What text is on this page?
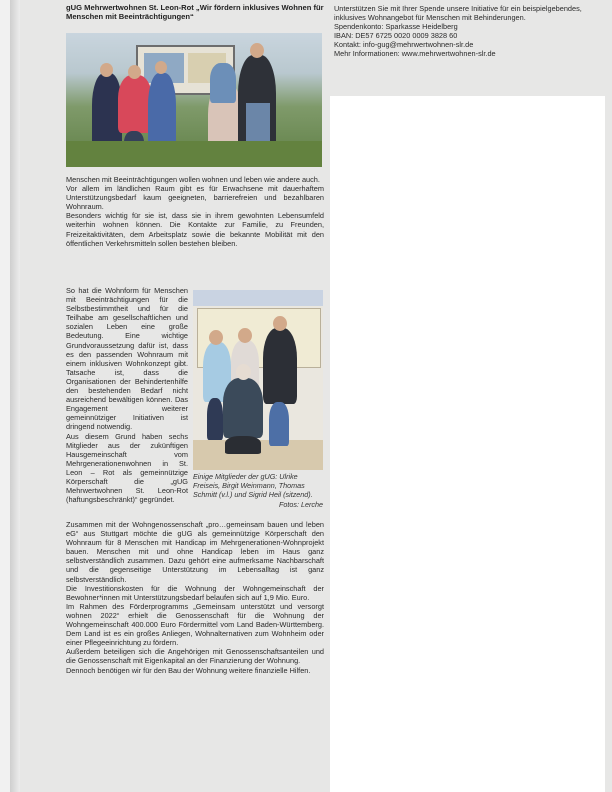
gUG Mehrwertwohnen St. Leon-Rot „Wir fördern inklusives Wohnen für Menschen mit Beeinträchtigungen“

Menschen mit Beeinträchtigungen wollen wohnen und leben wie andere auch.

Vor allem im ländlichen Raum gibt es für Erwachsene mit dauerhaftem Unterstützungsbedarf kaum geeigneten, barrierefreien und bezahlbaren Wohnraum.

Besonders wichtig für sie ist, dass sie in ihrem gewohnten Lebensumfeld weiterhin wohnen können. Die Kontakte zur Familie, zu Freunden, Freizeitaktivitäten, dem Arbeitsplatz sowie die bekannte Mobilität mit den öffentlichen Verkehrsmitteln sollen bestehen bleiben.

So hat die Wohnform für Menschen mit Beeinträchtigungen für die Selbstbestimmtheit und für die Teilhabe am gesellschaftlichen und sozialen Leben eine große Bedeutung. Eine wichtige Grundvoraussetzung dafür ist, dass es den passenden Wohnraum mit einem inklusiven Wohnkonzept gibt. Tatsache ist, dass die Organisationen der Behindertenhilfe den bestehenden Bedarf nicht ausreichend bewältigen können. Das Engagement weiterer gemeinnütziger Initiativen ist dringend notwendig.

Aus diesem Grund haben sechs Mitglieder aus der zukünftigen Hausgemeinschaft vom Mehrgenerationenwohnen in St. Leon – Rot als gemeinnützige Körperschaft die „gUG Mehrwertwohnen St. Leon-Rot (haftungsbeschränkt)“ gegründet.

Zusammen mit der Wohngenossenschaft „pro…gemeinsam bauen und leben eG“ aus Stuttgart möchte die gUG als gemeinnützige Körperschaft den Wohnraum für 8 Menschen mit Handicap im Mehrgenerationen-Wohnprojekt bauen. Menschen mit und ohne Handicap leben im Haus ganz selbstverständlich zusammen. Dazu gehört eine aufmerksame Nachbarschaft und die gegenseitige Unterstützung im Lebensalltag ist ganz selbstverständlich.

Die Investitionskosten für die Wohnung der Wohngemeinschaft der Bewohner*innen mit Unterstützungsbedarf belaufen sich auf 1,9 Mio. Euro.

Im Rahmen des Förderprogramms „Gemeinsam unterstützt und versorgt wohnen 2022“ erhielt die Genossenschaft für die Wohnung der Wohngemeinschaft 400.000 Euro Fördermittel vom Land Baden-Württemberg. Dem Land ist es ein großes Anliegen, Wohnalternativen zum Wohnheim oder einer Pflegeeinrichtung zu fördern.

Außerdem beteiligen sich die Angehörigen mit Genossenschaftsanteilen und die Genossenschaft mit Eigenkapital an der Finanzierung der Wohnung.

Dennoch benötigen wir für den Bau der Wohnung weitere finanzielle Hilfen.

Einige Mitglieder der gUG: Ulrike Freiseis, Birgit Weinmann, Thomas Schmitt (v.l.) und Sigrid Heil (sitzend).
Fotos: Lerche

Unterstützen Sie mit Ihrer Spende unsere Initiative für ein beispielgebendes, inklusives Wohnangebot für Menschen mit Behinderungen.

Spendenkonto: Sparkasse Heidelberg

IBAN: DE57 6725 0020 0009 3828 60

Kontakt: info-gug@mehrwertwohnen-slr.de

Mehr Informationen: www.mehrwertwohnen-slr.de
